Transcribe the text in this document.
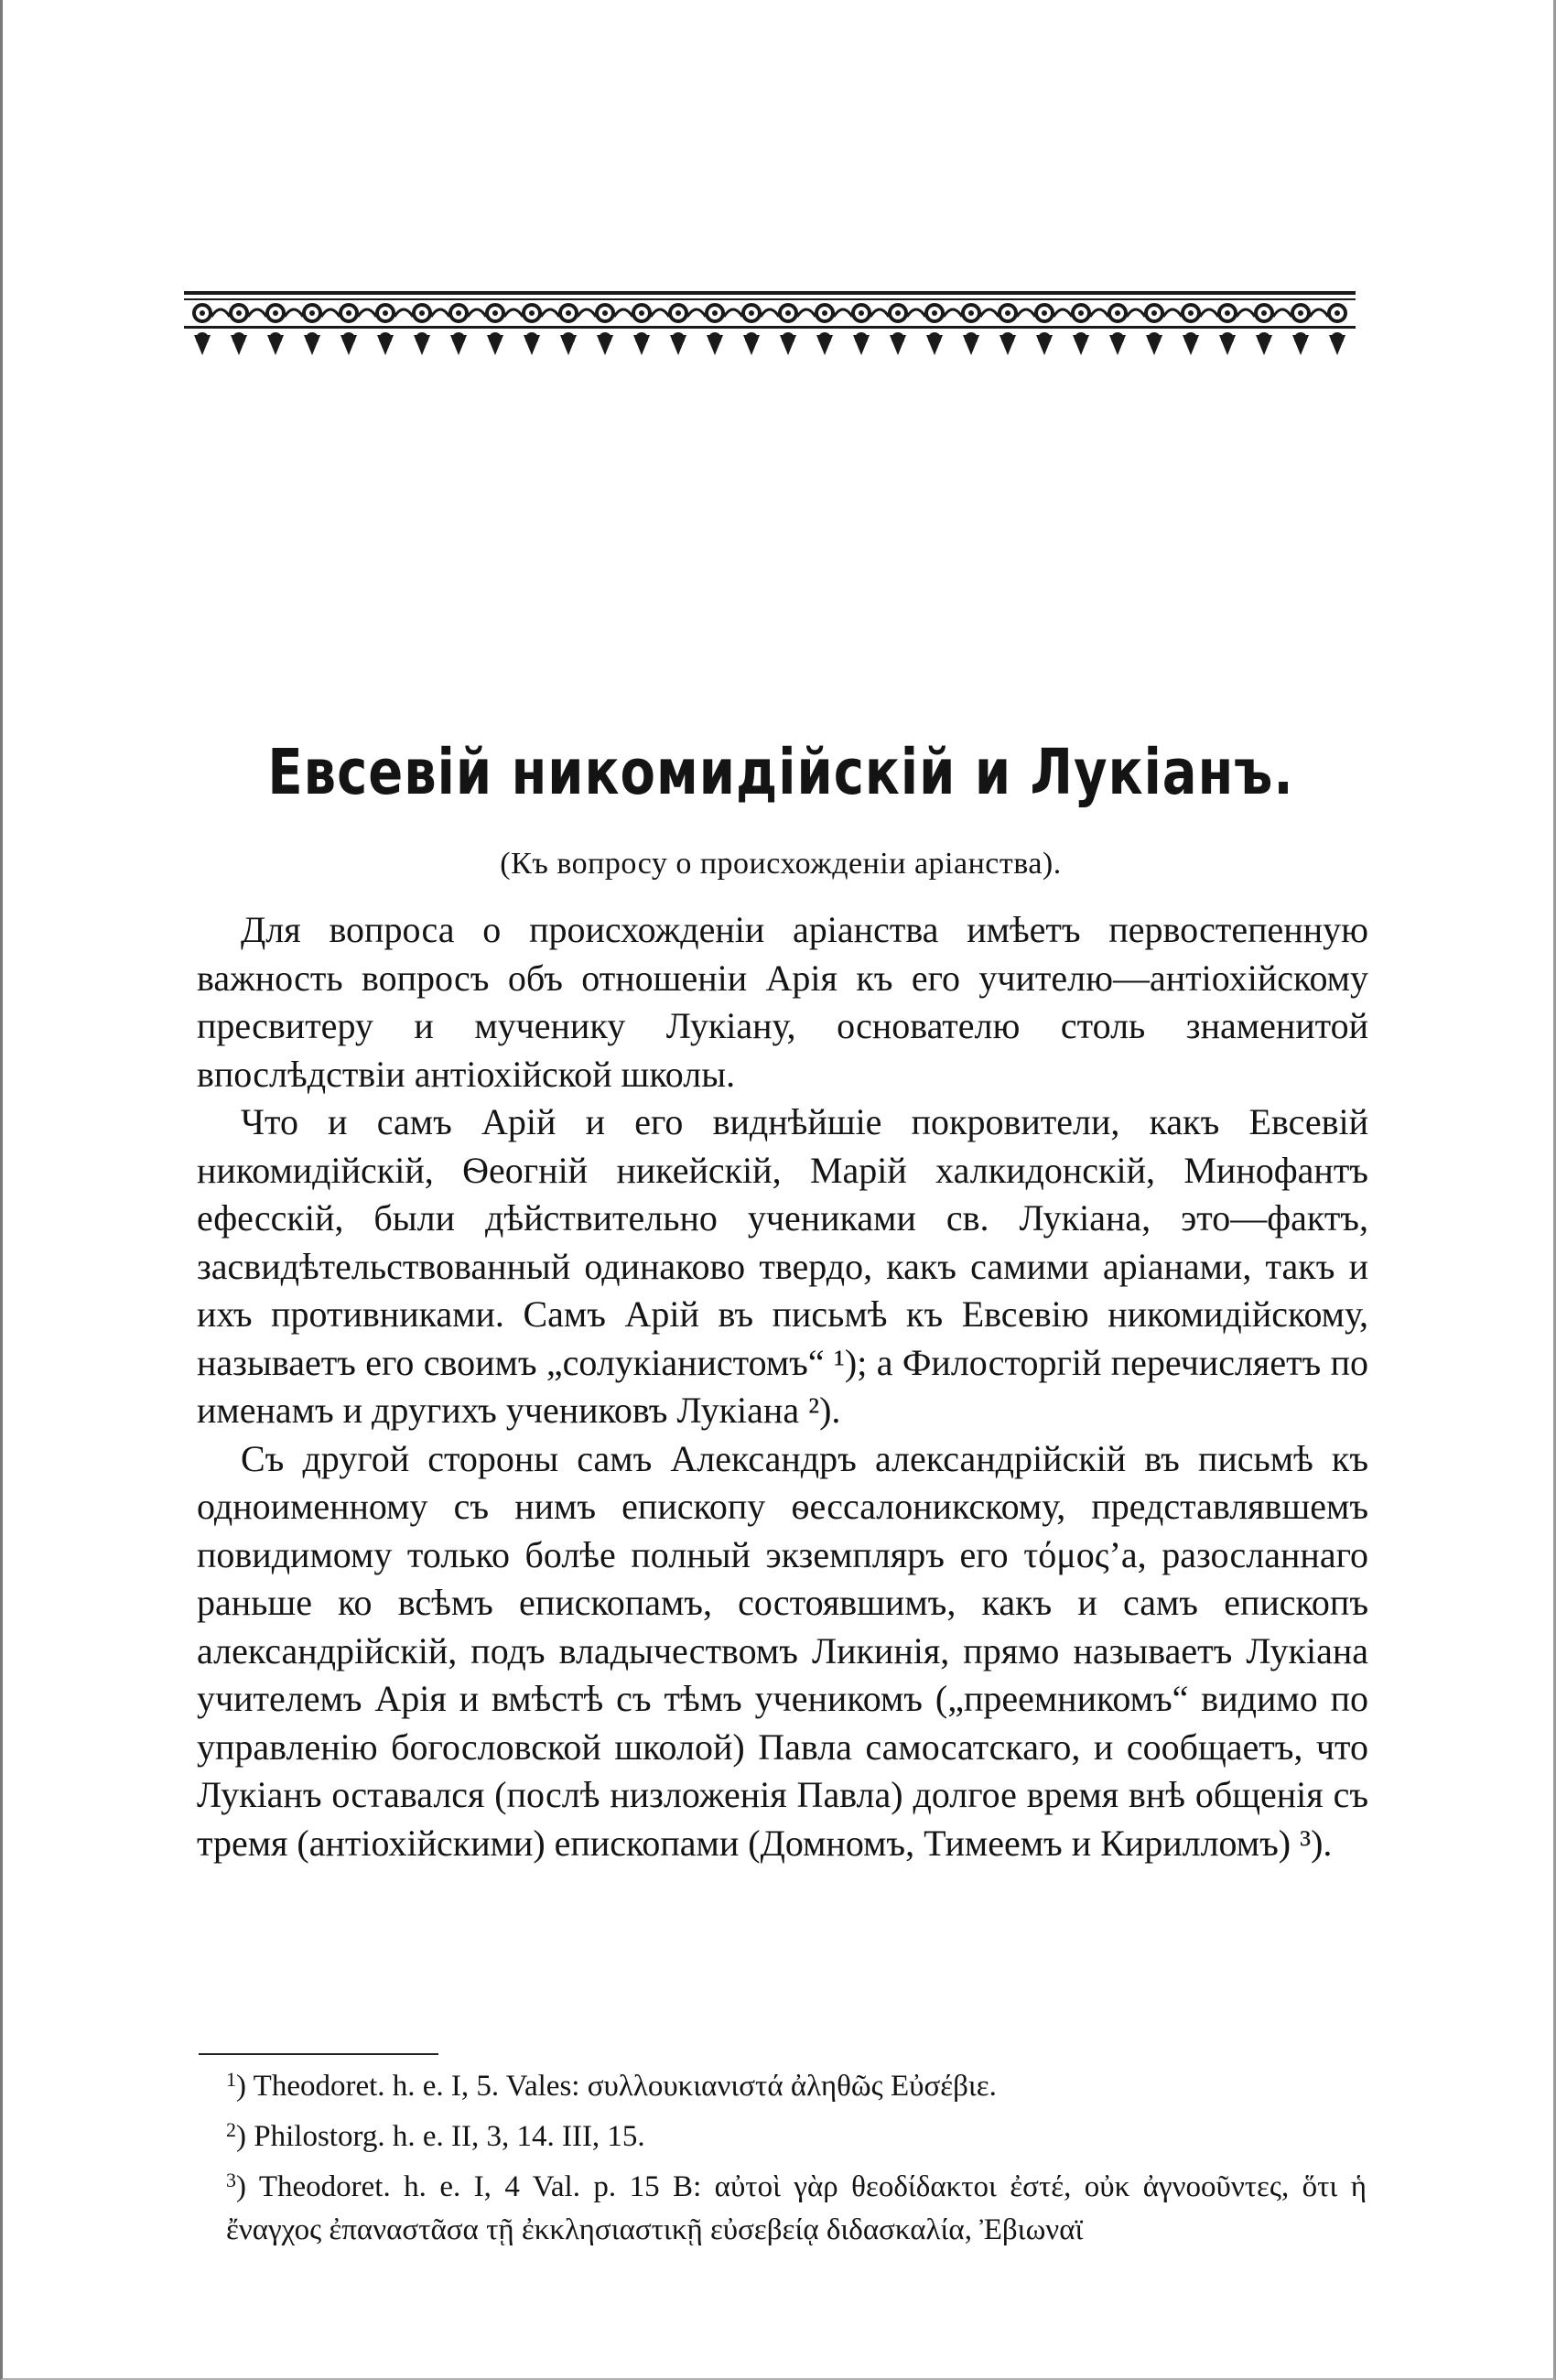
Евсевій никомидійскій и Лукіанъ.
(Къ вопросу о происхожденіи аріанства).

Для вопроса о происхожденіи аріанства имѣетъ первостепенную важность вопросъ объ отношеніи Арія къ его учителю—антіохійскому пресвитеру и мученику Лукіану, основателю столь знаменитой впослѣдствіи антіохійской школы.

Что и самъ Арій и его виднѣйшіе покровители, какъ Евсевій никомидійскій, Ѳеогній никейскій, Марій халкидонскій, Минофантъ ефесскій, были дѣйствительно учениками св. Лукіана, это—фактъ, засвидѣтельствованный одинаково твердо, какъ самими аріанами, такъ и ихъ противниками. Самъ Арій въ письмѣ къ Евсевію никомидійскому, называетъ его своимъ „солукіанистомъ“ ¹); а Филосторгій перечисляетъ по именамъ и другихъ учениковъ Лукіана ²).

Съ другой стороны самъ Александръ александрійскій въ письмѣ къ одноименному съ нимъ епископу ѳессалоникскому, представлявшемъ повидимому только болѣе полный экземпляръ его τόμος’а, разосланнаго раньше ко всѣмъ епископамъ, состоявшимъ, какъ и самъ епископъ александрійскій, подъ владычествомъ Ликинія, прямо называетъ Лукіана учителемъ Арія и вмѣстѣ съ тѣмъ ученикомъ („преемникомъ“ видимо по управленію богословской школой) Павла самосатскаго, и сообщаетъ, что Лукіанъ оставался (послѣ низложенія Павла) долгое время внѣ общенія съ тремя (антіохійскими) епископами (Домномъ, Тимеемъ и Кирилломъ) ³).

$^1$) Theodoret. h. e. I, 5. Vales: συλλουκιανιστά ἀληθῶς Εὐσέβιε.

$^2$) Philostorg. h. e. II, 3, 14. III, 15.

$^3$) Theodoret. h. e. I, 4 Val. p. 15 B: αὐτοὶ γὰρ θεοδίδακτοι ἐστέ, οὐκ ἀγνοοῦντες, ὅτι ἡ ἔναγχος ἐπαναστᾶσα τῇ ἐκκλησιαστικῇ εὐσεβείᾳ διδασκαλία, Ἐβιωναϊ
